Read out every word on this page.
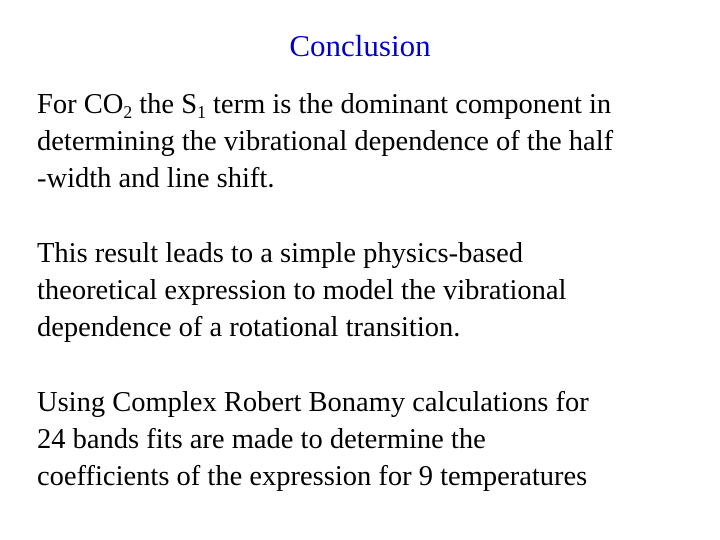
Conclusion

For $CO_2$ the $S_1$ term is the dominant component in
determining the vibrational dependence of the half
-width and line shift.

This result leads to a simple physics-based
theoretical expression to model the vibrational
dependence of a rotational transition.

Using Complex Robert Bonamy calculations for
24 bands fits are made to determine the
coefficients of the expression for 9 temperatures
